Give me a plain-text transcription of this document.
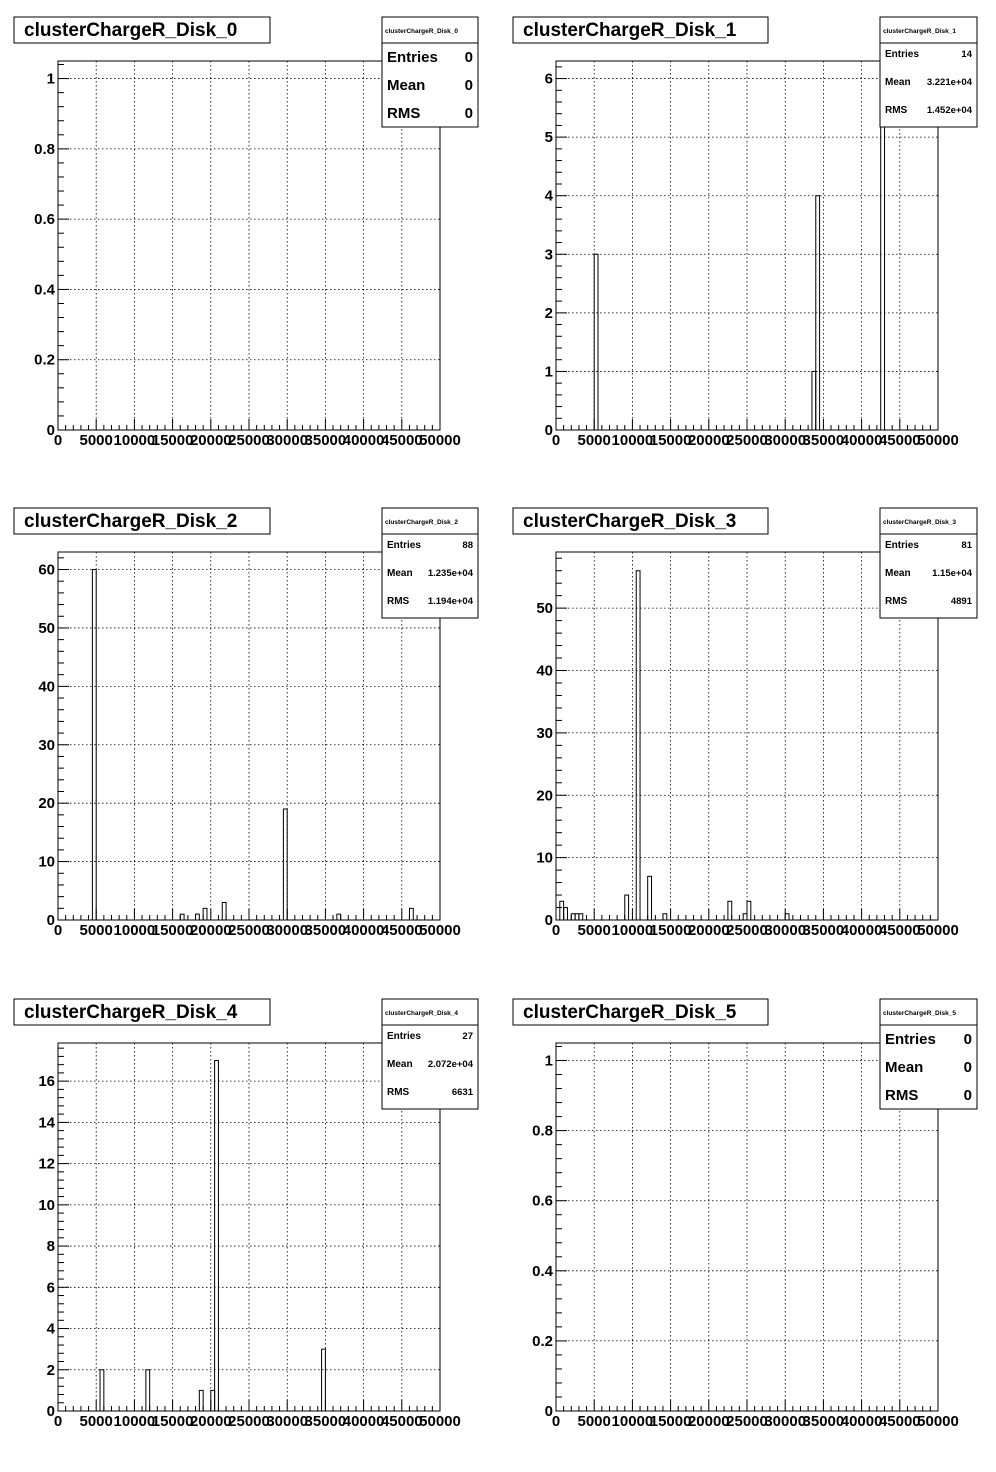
0 5000 10000
15000
20000
25000
30000
35000
40000
45000
50000
0
0.2
0.4
0.6
0.8
1
clusterChargeR_Disk_0	clusterChargeR_Disk_0
Entries 0
Mean	0
RMS	0
0 5000 10000
15000
20000
25000
30000
35000
40000
45000
50000
0
1
2
3
4
5
6
clusterChargeR_Disk_1	clusterChargeR_Disk_1
Entries	14
Mean 3.221e+04
RMS 1.452e+04
0 5000 10000
15000
20000
25000
30000
35000
40000
45000
50000
0
10
20
30
40
50
60
clusterChargeR_Disk_2	clusterChargeR_Disk_2
Entries	88
Mean 1.235e+04
RMS 1.194e+04
0 5000 10000
15000
20000
25000
30000
35000
40000
45000
50000
0
10
20
30
40
50
clusterChargeR_Disk_3	clusterChargeR_Disk_3
Entries	81
Mean 1.15e+04
RMS	4891
0 5000 10000
15000
20000
25000
30000
35000
40000
45000
50000
0
2
4
6
8
10
12
14
16
clusterChargeR_Disk_4	clusterChargeR_Disk_4
Entries	27
Mean 2.072e+04
RMS	6631
0 5000 10000
15000
20000
25000
30000
35000
40000
45000
50000
0
0.2
0.4
0.6
0.8
1
clusterChargeR_Disk_5	clusterChargeR_Disk_5
Entries 0
Mean	0
RMS	0
